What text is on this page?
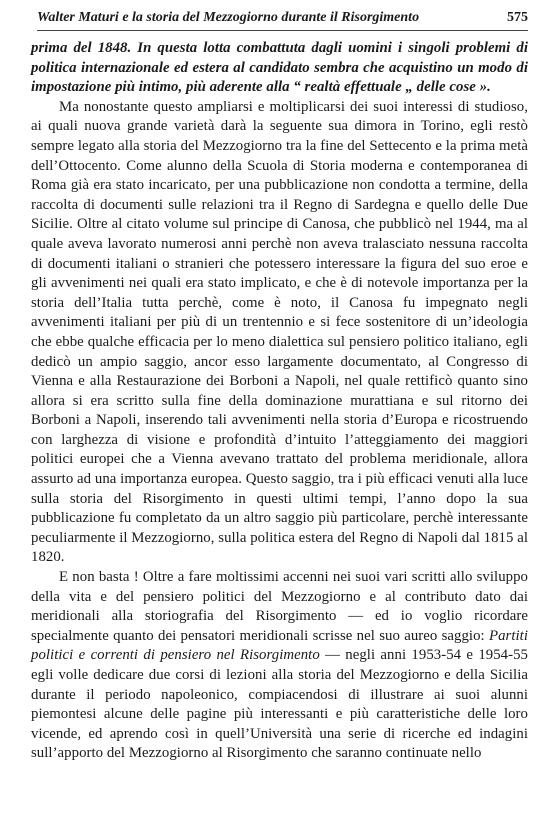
Walter Maturi e la storia del Mezzogiorno durante il Risorgimento	575

prima del 1848. In questa lotta combattuta dagli uomini i singoli problemi di politica internazionale ed estera al candidato sembra che acquistino un modo di impostazione più intimo, più aderente alla “ realtà effettuale „ delle cose ».

Ma nonostante questo ampliarsi e moltiplicarsi dei suoi interessi di studioso, ai quali nuova grande varietà darà la seguente sua dimora in Torino, egli restò sempre legato alla storia del Mezzogiorno tra la fine del Settecento e la prima metà dell’Ottocento. Come alunno della Scuola di Storia moderna e contemporanea di Roma già era stato incaricato, per una pubblicazione non condotta a termine, della raccolta di documenti sulle relazioni tra il Regno di Sardegna e quello delle Due Sicilie. Oltre al citato volume sul principe di Canosa, che pubblicò nel 1944, ma al quale aveva lavorato numerosi anni perchè non aveva tralasciato nessuna raccolta di documenti italiani o stranieri che potessero interessare la figura del suo eroe e gli avvenimenti nei quali era stato implicato, e che è di notevole importanza per la storia dell’Italia tutta perchè, come è noto, il Canosa fu impegnato negli avvenimenti italiani per più di un trentennio e si fece sostenitore di un’ideologia che ebbe qualche efficacia per lo meno dialettica sul pensiero politico italiano, egli dedicò un ampio saggio, ancor esso largamente documentato, al Congresso di Vienna e alla Restaurazione dei Borboni a Napoli, nel quale rettificò quanto sino allora si era scritto sulla fine della dominazione murattiana e sul ritorno dei Borboni a Napoli, inserendo tali avvenimenti nella storia d’Europa e ricostruendo con larghezza di visione e profondità d’intuito l’atteggiamento dei maggiori politici europei che a Vienna avevano trattato del problema meridionale, allora assurto ad una importanza europea. Questo saggio, tra i più efficaci venuti alla luce sulla storia del Risorgimento in questi ultimi tempi, l’anno dopo la sua pubblicazione fu completato da un altro saggio più particolare, perchè interessante peculiarmente il Mezzogiorno, sulla politica estera del Regno di Napoli dal 1815 al 1820.

E non basta ! Oltre a fare moltissimi accenni nei suoi vari scritti allo sviluppo della vita e del pensiero politici del Mezzogiorno e al contributo dato dai meridionali alla storiografia del Risorgimento — ed io voglio ricordare specialmente quanto dei pensatori meridionali scrisse nel suo aureo saggio: Partiti politici e correnti di pensiero nel Risorgimento — negli anni 1953-54 e 1954-55 egli volle dedicare due corsi di lezioni alla storia del Mezzogiorno e della Sicilia durante il periodo napoleonico, compiacendosi di illustrare ai suoi alunni piemontesi alcune delle pagine più interessanti e più caratteristiche delle loro vicende, ed aprendo così in quell’Università una serie di ricerche ed indagini sull’apporto del Mezzogiorno al Risorgimento che saranno continuate nello
